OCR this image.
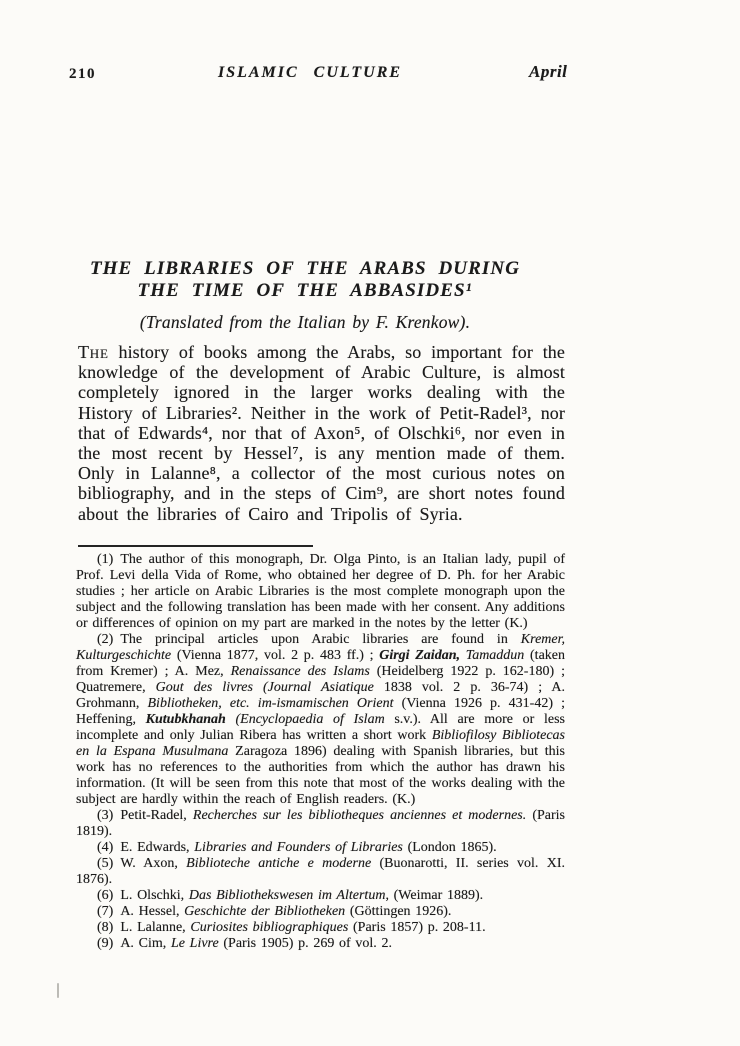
210	ISLAMIC CULTURE	April
THE LIBRARIES OF THE ARABS DURING
THE TIME OF THE ABBASIDES¹
(Translated from the Italian by F. Krenkow).
The history of books among the Arabs, so important for the knowledge of the development of Arabic Culture, is almost completely ignored in the larger works dealing with the History of Libraries². Neither in the work of Petit-Radel³, nor that of Edwards⁴, nor that of Axon⁵, of Olschki⁶, nor even in the most recent by Hessel⁷, is any mention made of them. Only in Lalanne⁸, a collector of the most curious notes on bibliography, and in the steps of Cim⁹, are short notes found about the libraries of Cairo and Tripolis of Syria.

(1) The author of this monograph, Dr. Olga Pinto, is an Italian lady, pupil of Prof. Levi della Vida of Rome, who obtained her degree of D. Ph. for her Arabic studies ; her article on Arabic Libraries is the most complete monograph upon the subject and the following translation has been made with her consent. Any additions or differences of opinion on my part are marked in the notes by the letter (K.)

(2) The principal articles upon Arabic libraries are found in Kremer, Kulturgeschichte (Vienna 1877, vol. 2 p. 483 ff.) ; Girgi Zaidan, Tamaddun (taken from Kremer) ; A. Mez, Renaissance des Islams (Heidelberg 1922 p. 162-180) ; Quatremere, Gout des livres (Journal Asiatique 1838 vol. 2 p. 36-74) ; A. Grohmann, Bibliotheken, etc. im-ismamischen Orient (Vienna 1926 p. 431-42) ; Heffening, Kutubkhanah (Encyclopaedia of Islam s.v.). All are more or less incomplete and only Julian Ribera has written a short work Bibliofilosy Bibliotecas en la Espana Musulmana Zaragoza 1896) dealing with Spanish libraries, but this work has no references to the authorities from which the author has drawn his information. (It will be seen from this note that most of the works dealing with the subject are hardly within the reach of English readers. (K.)

(3) Petit-Radel, Recherches sur les bibliotheques anciennes et modernes. (Paris 1819).

(4) E. Edwards, Libraries and Founders of Libraries (London 1865).

(5) W. Axon, Biblioteche antiche e moderne (Buonarotti, II. series vol. XI. 1876).

(6) L. Olschki, Das Bibliothekswesen im Altertum, (Weimar 1889).

(7) A. Hessel, Geschichte der Bibliotheken (Göttingen 1926).

(8) L. Lalanne, Curiosites bibliographiques (Paris 1857) p. 208-11.

(9) A. Cim, Le Livre (Paris 1905) p. 269 of vol. 2.
